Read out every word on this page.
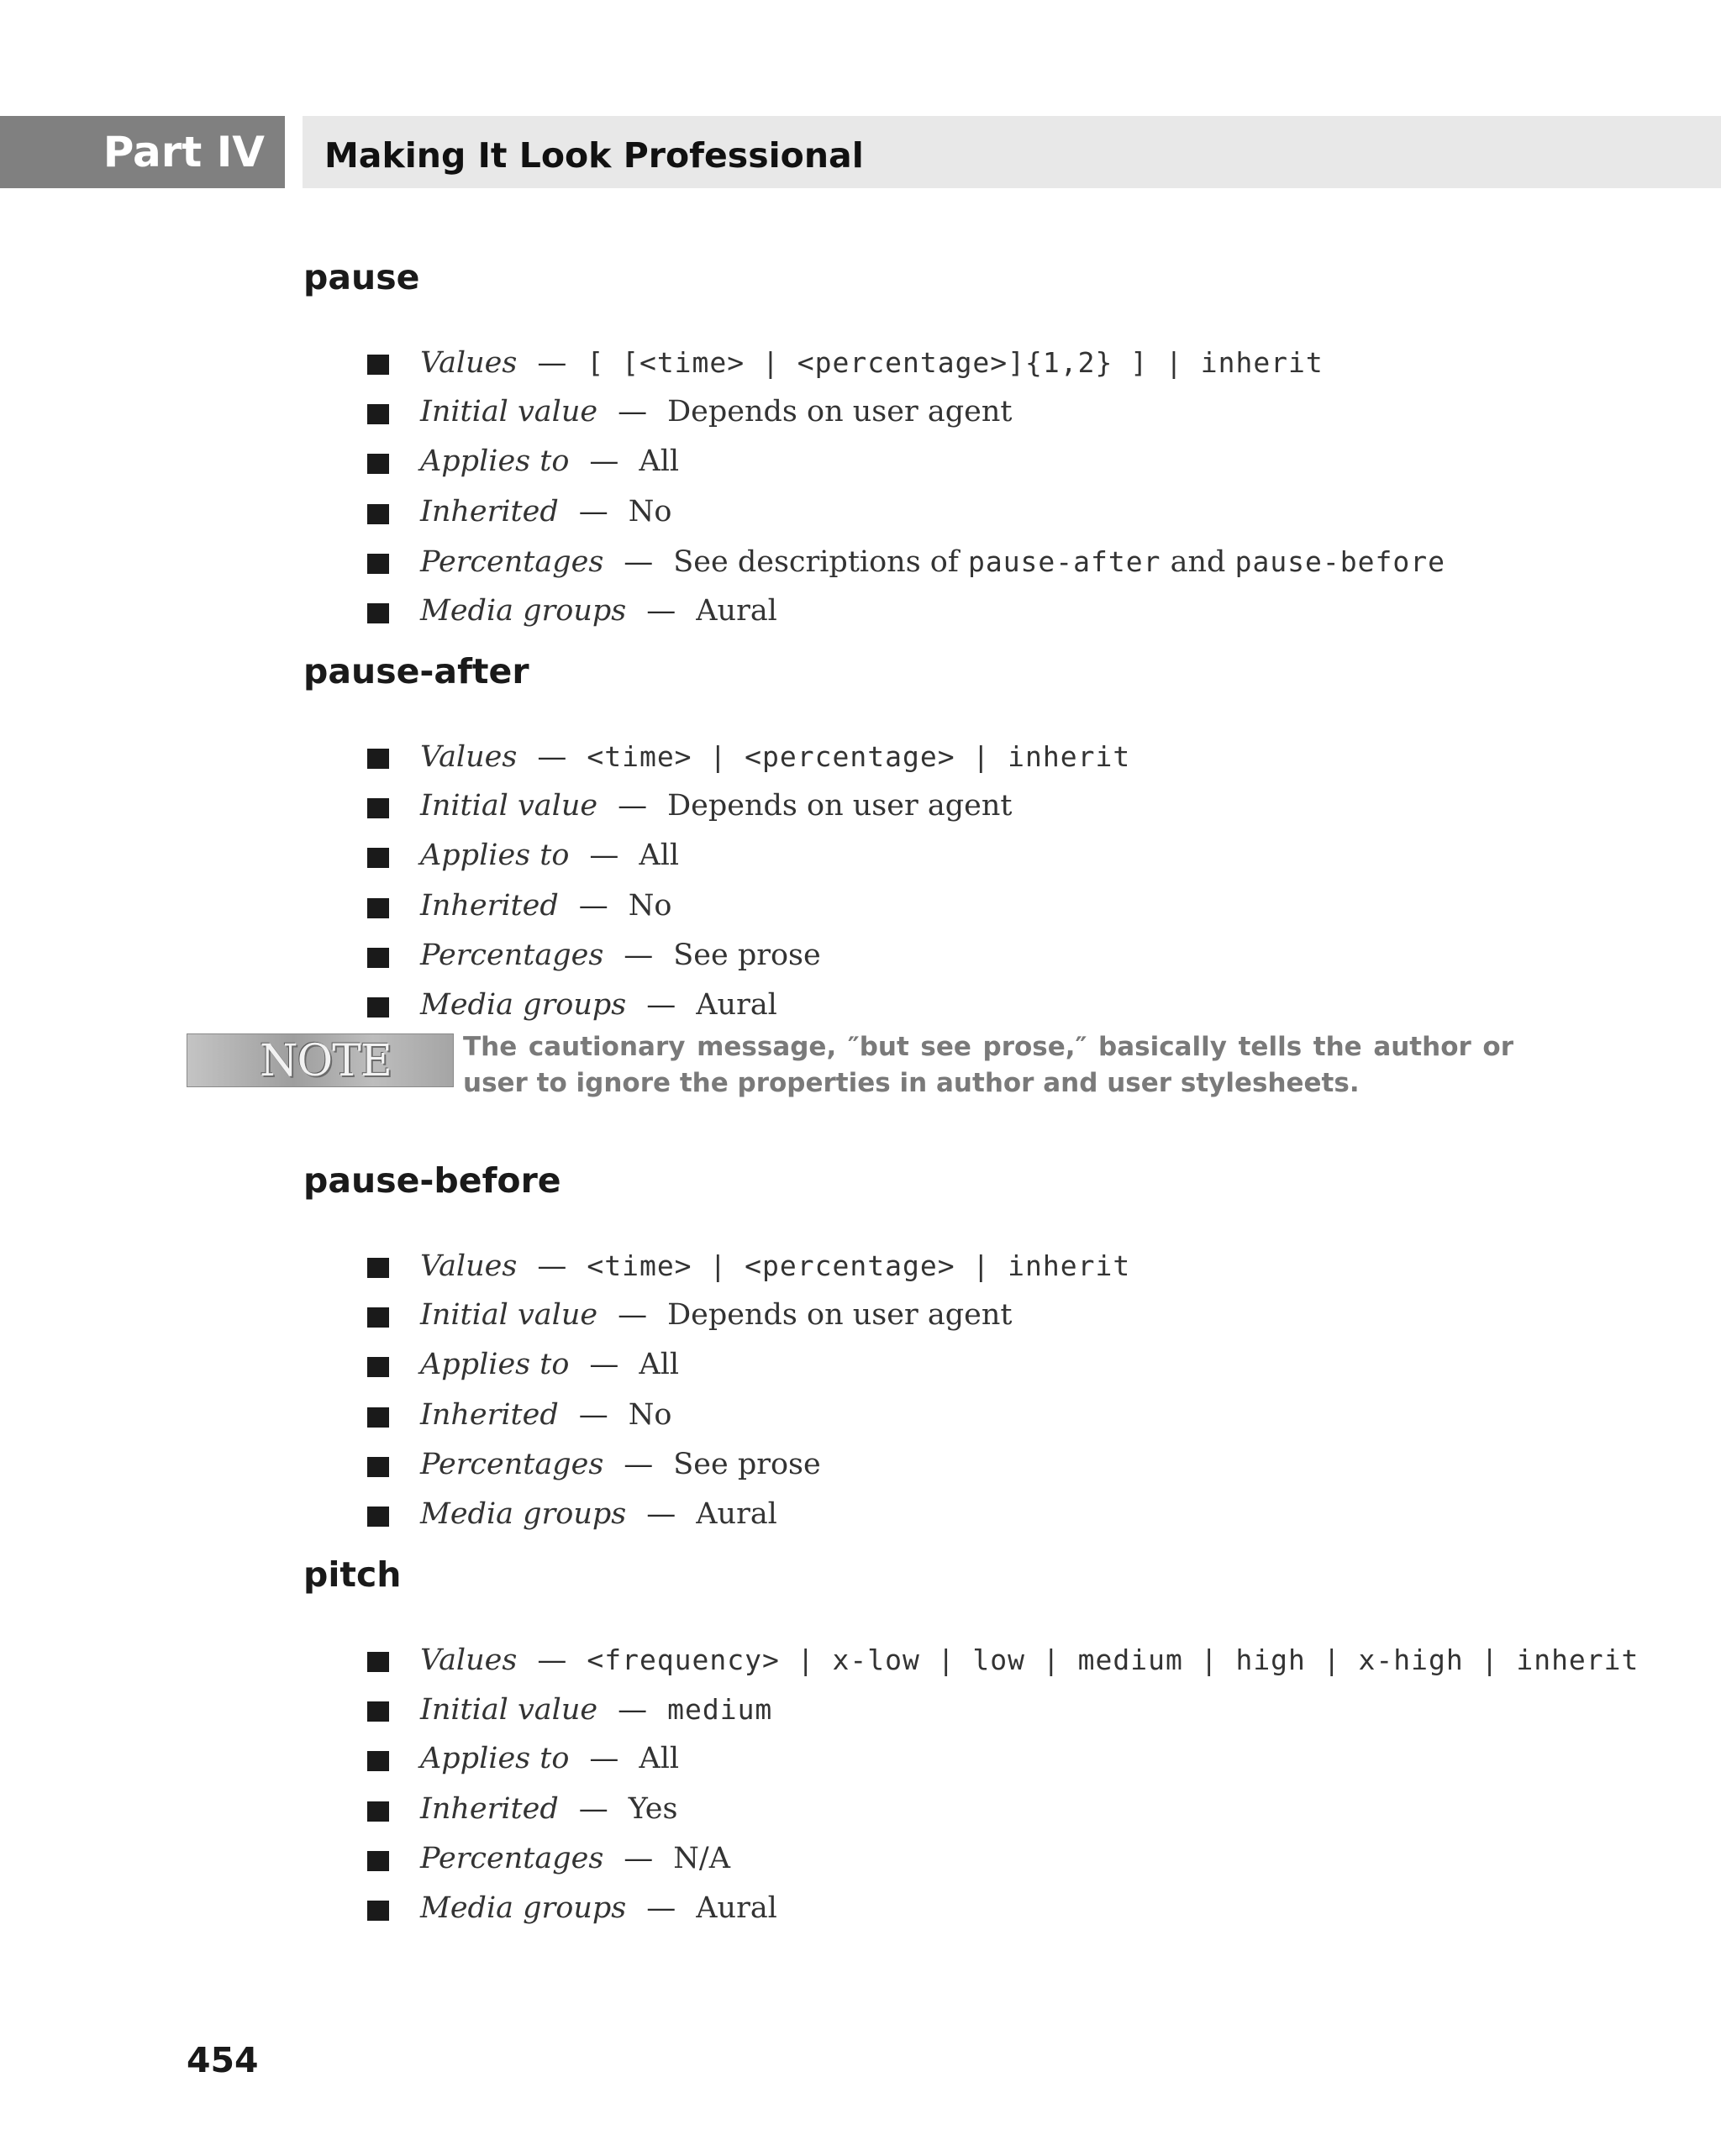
Part IV	Making It Look Professional
pause
Values — [ [<time> | <percentage>]{1,2} ] | inherit
Initial value — Depends on user agent
Applies to — All
Inherited — No
Percentages — See descriptions of pause-after and pause-before
Media groups — Aural
pause-after
Values — <time> | <percentage> | inherit
Initial value — Depends on user agent
Applies to — All
Inherited — No
Percentages — See prose
Media groups — Aural
NOTE	The cautionary message, ″but see prose,″ basically tells the author or user to ignore the properties in author and user stylesheets.
pause-before
Values — <time> | <percentage> | inherit
Initial value — Depends on user agent
Applies to — All
Inherited — No
Percentages — See prose
Media groups — Aural
pitch
Values — <frequency> | x-low | low | medium | high | x-high | inherit
Initial value — medium
Applies to — All
Inherited — Yes
Percentages — N/A
Media groups — Aural
454
